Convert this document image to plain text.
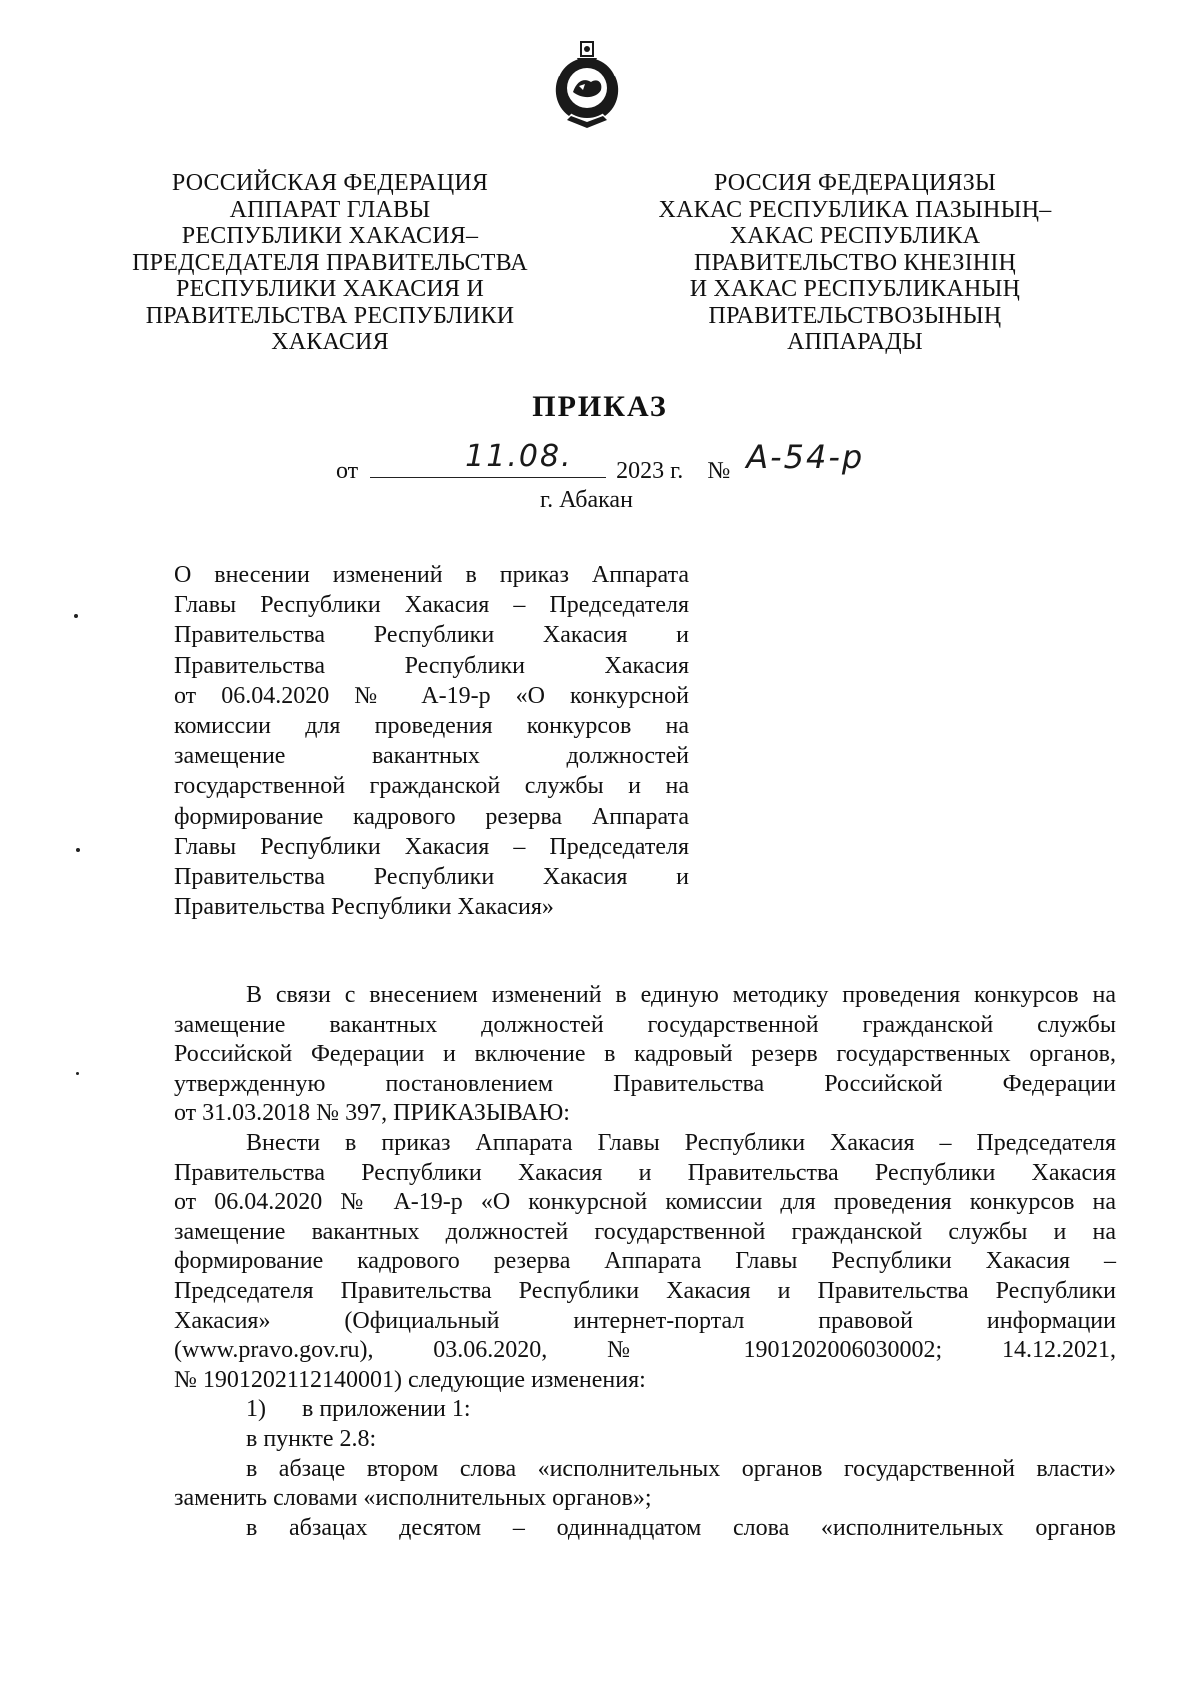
РОССИЙСКАЯ ФЕДЕРАЦИЯ
АППАРАТ ГЛАВЫ
РЕСПУБЛИКИ ХАКАСИЯ–
ПРЕДСЕДАТЕЛЯ ПРАВИТЕЛЬСТВА
РЕСПУБЛИКИ ХАКАСИЯ И
ПРАВИТЕЛЬСТВА РЕСПУБЛИКИ
ХАКАСИЯ
РОССИЯ ФЕДЕРАЦИЯЗЫ
ХАКАС РЕСПУБЛИКА ПАЗЫНЫҢ–
ХАКАС РЕСПУБЛИКА
ПРАВИТЕЛЬСТВО КНЕЗІНІҢ
И ХАКАС РЕСПУБЛИКАНЫҢ
ПРАВИТЕЛЬСТВОЗЫНЫҢ
АППАРАДЫ
ПРИКАЗ
от	11.08. 2023 г. № А-54-р
г. Абакан
О внесении изменений в приказ Аппарата
Главы Республики Хакасия – Председателя
Правительства Республики Хакасия и
Правительства Республики Хакасия
от 06.04.2020 № А-19-р «О конкурсной
комиссии для проведения конкурсов на
замещение вакантных должностей
государственной гражданской службы и на
формирование кадрового резерва Аппарата
Главы Республики Хакасия – Председателя
Правительства Республики Хакасия и
Правительства Республики Хакасия»
В связи с внесением изменений в единую методику проведения конкурсов на
замещение вакантных должностей государственной гражданской службы
Российской Федерации и включение в кадровый резерв государственных органов,
утвержденную постановлением Правительства Российской Федерации
от 31.03.2018 № 397, ПРИКАЗЫВАЮ:
Внести в приказ Аппарата Главы Республики Хакасия – Председателя
Правительства Республики Хакасия и Правительства Республики Хакасия
от 06.04.2020 № А-19-р «О конкурсной комиссии для проведения конкурсов на
замещение вакантных должностей государственной гражданской службы и на
формирование кадрового резерва Аппарата Главы Республики Хакасия –
Председателя Правительства Республики Хакасия и Правительства Республики
Хакасия» (Официальный интернет-портал правовой информации
(www.pravo.gov.ru), 03.06.2020, № 1901202006030002; 14.12.2021,
№ 1901202112140001) следующие изменения:
1)      в приложении 1:
в пункте 2.8:
в абзаце втором слова «исполнительных органов государственной власти»
заменить словами «исполнительных органов»;
в абзацах десятом – одиннадцатом слова «исполнительных органов
